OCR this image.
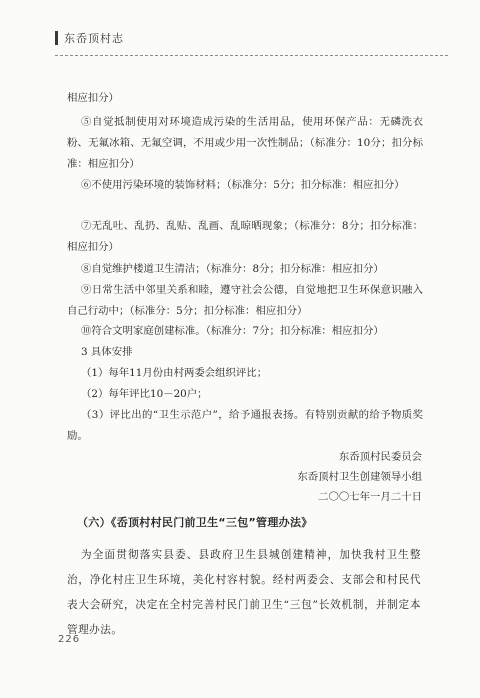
东岙顶村志

相应扣分）

⑤自觉抵制使用对环境造成污染的生活用品，使用环保产品：无磷洗衣粉、无氟冰箱、无氟空调，不用或少用一次性制品；（标准分：10分；扣分标准：相应扣分）

⑥不使用污染环境的装饰材料；（标准分：5分；扣分标准：相应扣分）

⑦无乱吐、乱扔、乱贴、乱画、乱晾晒现象；（标准分：8分；扣分标准：相应扣分）

⑧自觉维护楼道卫生清洁；（标准分：8分；扣分标准：相应扣分）

⑨日常生活中邻里关系和睦，遵守社会公德，自觉地把卫生环保意识融入自己行动中；（标准分：5分；扣分标准：相应扣分）

⑩符合文明家庭创建标准。（标准分：7分；扣分标准：相应扣分）

3 具体安排

（1）每年11月份由村两委会组织评比；

（2）每年评比10－20户；

（3）评比出的“卫生示范户”，给予通报表扬。有特别贡献的给予物质奖励。

东岙顶村民委员会

东岙顶村卫生创建领导小组

二〇〇七年一月二十日

（六）《岙顶村村民门前卫生“三包”管理办法》

为全面贯彻落实县委、县政府卫生县城创建精神，加快我村卫生整治，净化村庄卫生环境，美化村容村貌。经村两委会、支部会和村民代表大会研究，决定在全村完善村民门前卫生“三包”长效机制，并制定本管理办法。

226
